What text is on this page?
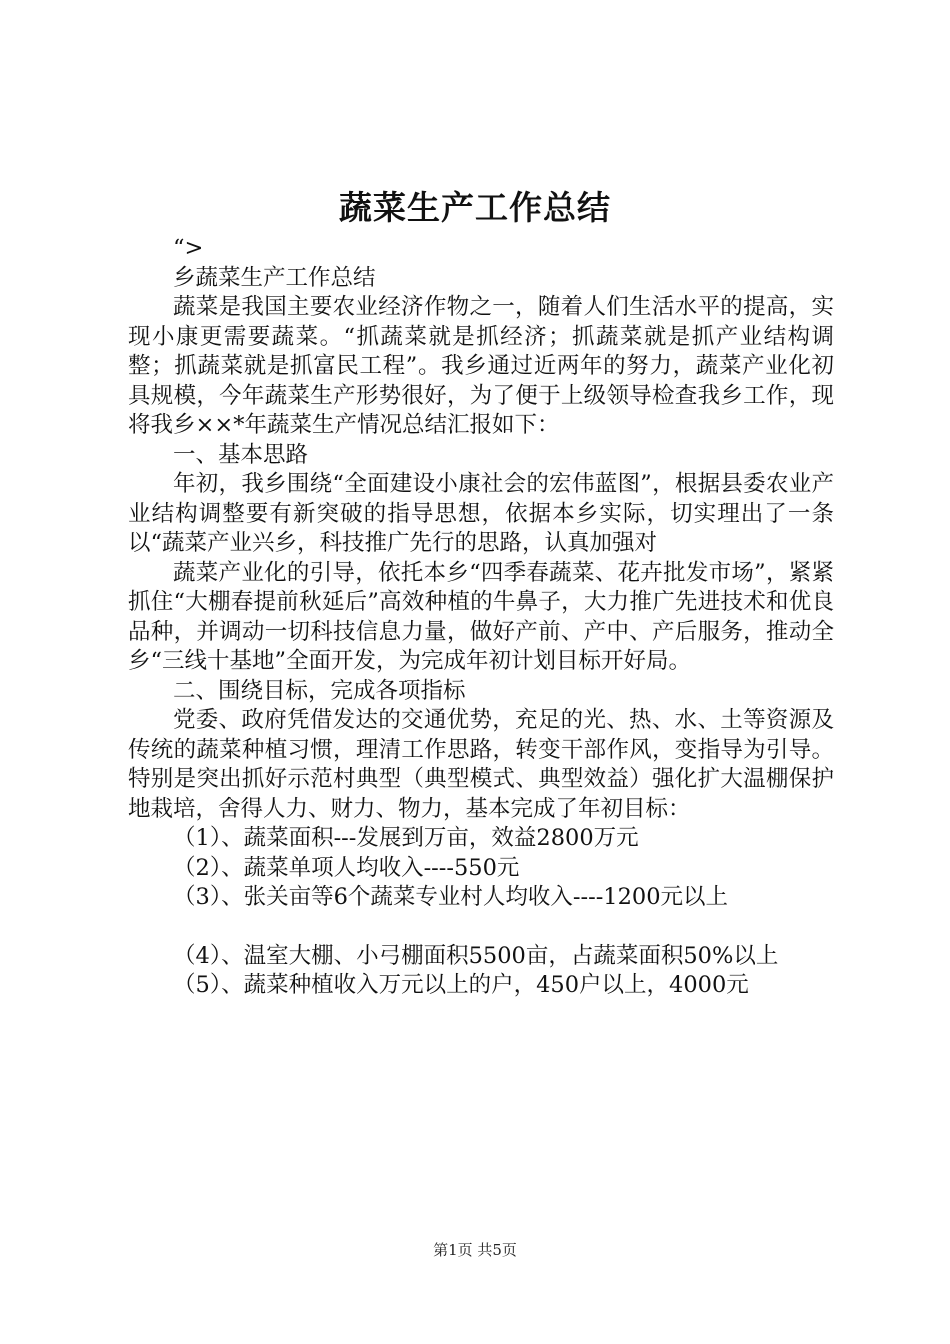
蔬菜生产工作总结

“>

乡蔬菜生产工作总结

蔬菜是我国主要农业经济作物之一，随着人们生活水平的提高，实现小康更需要蔬菜。“抓蔬菜就是抓经济；抓蔬菜就是抓产业结构调整；抓蔬菜就是抓富民工程”。我乡通过近两年的努力，蔬菜产业化初具规模，今年蔬菜生产形势很好，为了便于上级领导检查我乡工作，现将我乡××*年蔬菜生产情况总结汇报如下：

一、基本思路

年初，我乡围绕“全面建设小康社会的宏伟蓝图”，根据县委农业产业结构调整要有新突破的指导思想，依据本乡实际，切实理出了一条以“蔬菜产业兴乡，科技推广先行的思路，认真加强对

蔬菜产业化的引导，依托本乡“四季春蔬菜、花卉批发市场”，紧紧抓住“大棚春提前秋延后”高效种植的牛鼻子，大力推广先进技术和优良品种，并调动一切科技信息力量，做好产前、产中、产后服务，推动全乡“三线十基地”全面开发，为完成年初计划目标开好局。

二、围绕目标，完成各项指标

党委、政府凭借发达的交通优势，充足的光、热、水、土等资源及传统的蔬菜种植习惯，理清工作思路，转变干部作风，变指导为引导。特别是突出抓好示范村典型（典型模式、典型效益）强化扩大温棚保护地栽培，舍得人力、财力、物力，基本完成了年初目标：

（1）、蔬菜面积---发展到万亩，效益2800万元

（2）、蔬菜单项人均收入----550元

（3）、张关亩等6个蔬菜专业村人均收入----1200元以上

（4）、温室大棚、小弓棚面积5500亩，占蔬菜面积50%以上

（5）、蔬菜种植收入万元以上的户，450户以上，4000元

第1页 共5页
